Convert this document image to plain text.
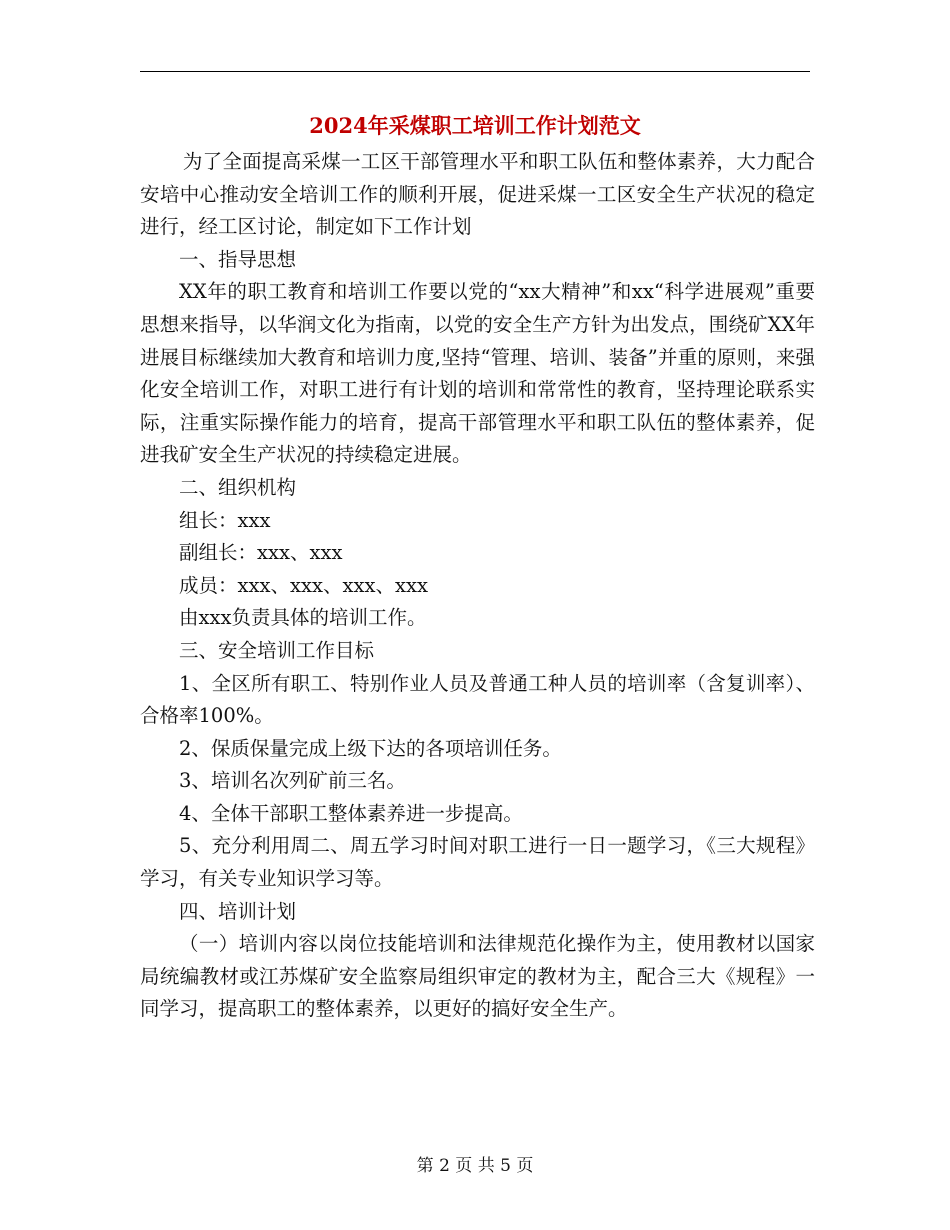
2024年采煤职工培训工作计划范文

为了全面提高采煤一工区干部管理水平和职工队伍和整体素养，大力配合安培中心推动安全培训工作的顺利开展，促进采煤一工区安全生产状况的稳定进行，经工区讨论，制定如下工作计划

一、指导思想

XX年的职工教育和培训工作要以党的“xx大精神”和xx“科学进展观”重要思想来指导，以华润文化为指南，以党的安全生产方针为出发点，围绕矿XX年进展目标继续加大教育和培训力度,坚持“管理、培训、装备”并重的原则，来强化安全培训工作，对职工进行有计划的培训和常常性的教育，坚持理论联系实际，注重实际操作能力的培育，提高干部管理水平和职工队伍的整体素养，促进我矿安全生产状况的持续稳定进展。

二、组织机构

组长：xxx

副组长：xxx、xxx

成员：xxx、xxx、xxx、xxx

由xxx负责具体的培训工作。

三、安全培训工作目标

1、全区所有职工、特别作业人员及普通工种人员的培训率（含复训率）、合格率100%。

2、保质保量完成上级下达的各项培训任务。

3、培训名次列矿前三名。

4、全体干部职工整体素养进一步提高。

5、充分利用周二、周五学习时间对职工进行一日一题学习，《三大规程》学习，有关专业知识学习等。

四、培训计划

（一）培训内容以岗位技能培训和法律规范化操作为主，使用教材以国家局统编教材或江苏煤矿安全监察局组织审定的教材为主，配合三大《规程》一同学习，提高职工的整体素养，以更好的搞好安全生产。

第 2 页 共 5 页
